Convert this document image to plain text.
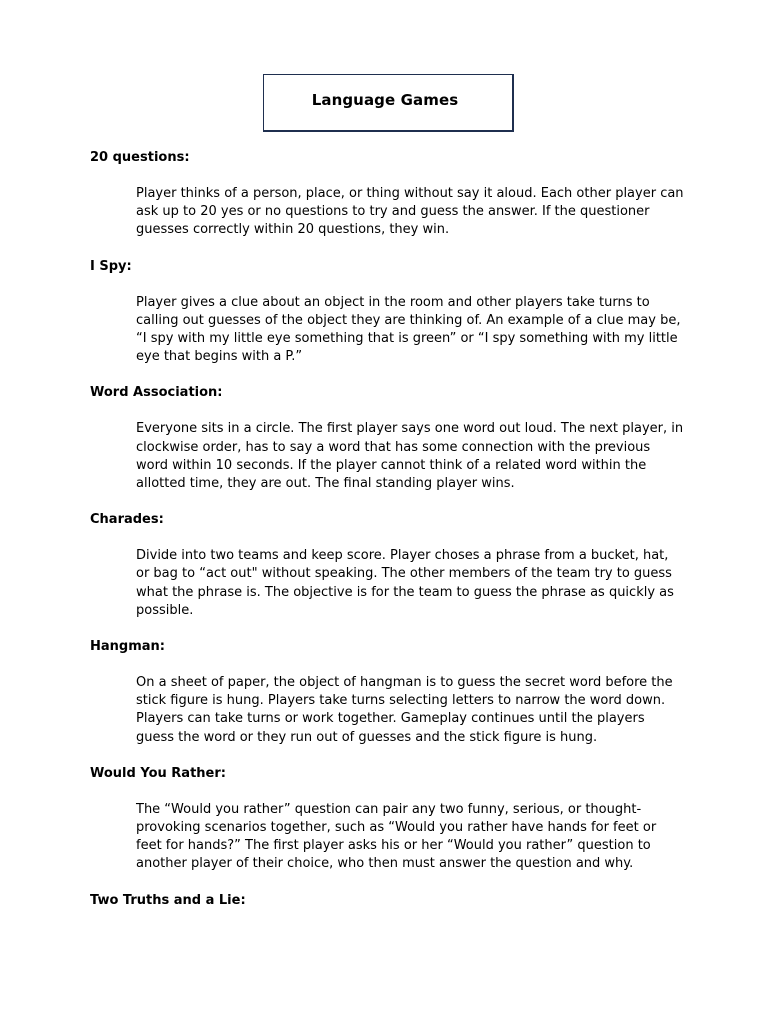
Language Games
20 questions:

Player thinks of a person, place, or thing without say it aloud. Each other player can ask up to 20 yes or no questions to try and guess the answer. If the questioner guesses correctly within 20 questions, they win.

I Spy:

Player gives a clue about an object in the room and other players take turns to calling out guesses of the object they are thinking of. An example of a clue may be, “I spy with my little eye something that is green” or “I spy something with my little eye that begins with a P.”

Word Association:

Everyone sits in a circle. The first player says one word out loud. The next player, in clockwise order, has to say a word that has some connection with the previous word within 10 seconds. If the player cannot think of a related word within the allotted time, they are out. The final standing player wins.

Charades:

Divide into two teams and keep score. Player choses a phrase from a bucket, hat, or bag to “act out" without speaking. The other members of the team try to guess what the phrase is. The objective is for the team to guess the phrase as quickly as possible.

Hangman:

On a sheet of paper, the object of hangman is to guess the secret word before the stick figure is hung. Players take turns selecting letters to narrow the word down. Players can take turns or work together. Gameplay continues until the players guess the word or they run out of guesses and the stick figure is hung.

Would You Rather:

The “Would you rather” question can pair any two funny, serious, or thought-provoking scenarios together, such as “Would you rather have hands for feet or feet for hands?” The first player asks his or her “Would you rather” question to another player of their choice, who then must answer the question and why.

Two Truths and a Lie:
